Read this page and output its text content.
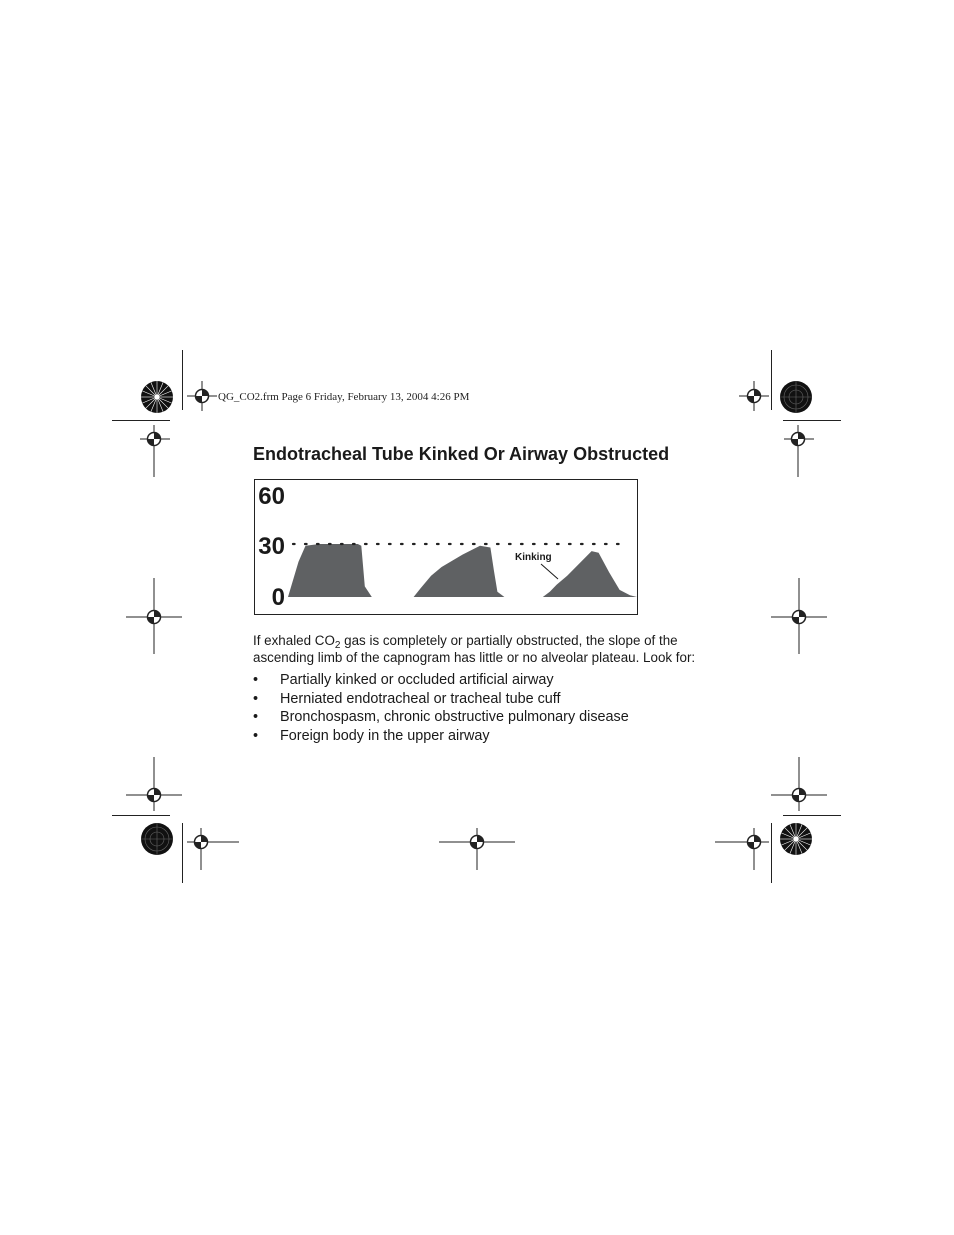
QG_CO2.frm Page 6 Friday, February 13, 2004 4:26 PM
Endotracheal Tube Kinked Or Airway Obstructed
60
30
0
Kinking
If exhaled $CO_2$ gas is completely or partially obstructed, the slope of the ascending limb of the capnogram has little or no alveolar plateau. Look for:
• Partially kinked or occluded artificial airway
• Herniated endotracheal or tracheal tube cuff
• Bronchospasm, chronic obstructive pulmonary disease
• Foreign body in the upper airway
